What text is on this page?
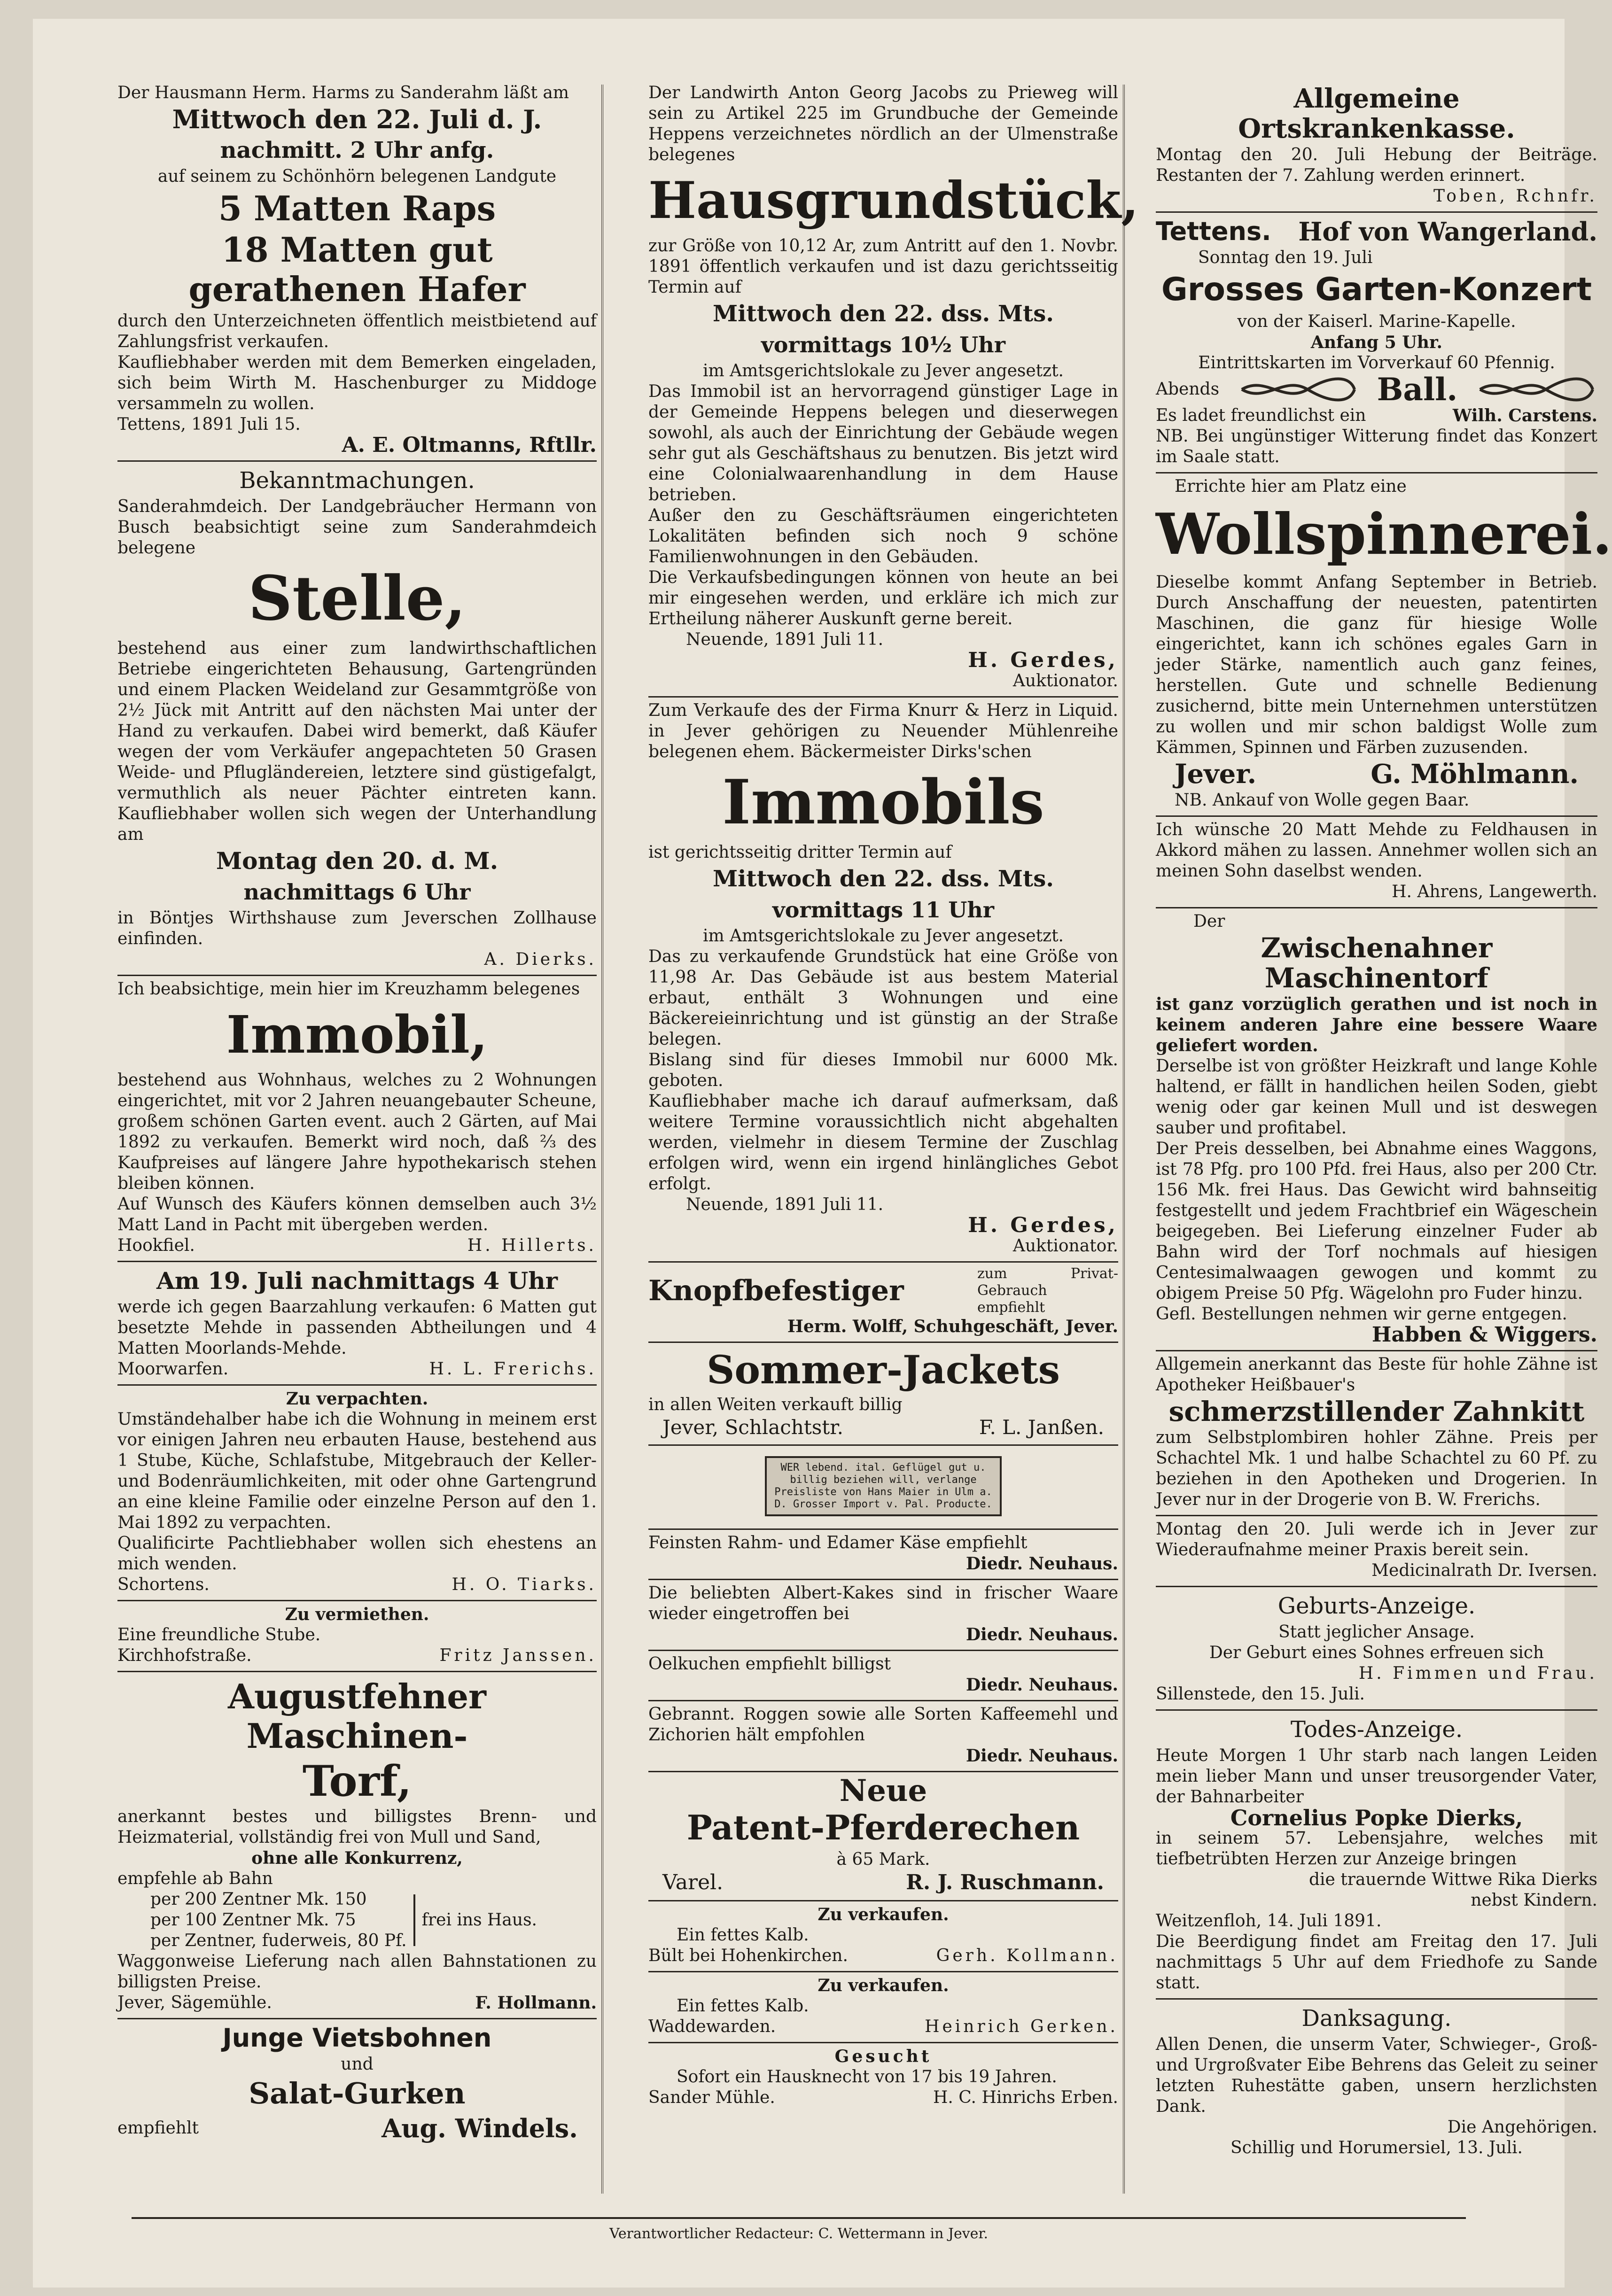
Der Hausmann Herm. Harms zu Sanderahm läßt am

Mittwoch den 22. Juli d. J.

nachmitt. 2 Uhr anfg.

auf seinem zu Schönhörn belegenen Landgute

5 Matten Raps

18 Matten gut gerathenen Hafer

durch den Unterzeichneten öffentlich meistbietend auf Zahlungsfrist verkaufen.
Kaufliebhaber werden mit dem Bemerken eingeladen, sich beim Wirth M. Haschenburger zu Middoge versammeln zu wollen.

Tettens, 1891 Juli 15.

A. E. Oltmanns, Rftllr.

Bekanntmachungen.

Sanderahmdeich. Der Landgebräucher Hermann von Busch beabsichtigt seine zum Sanderahmdeich belegene

Stelle,

bestehend aus einer zum landwirthschaftlichen Betriebe eingerichteten Behausung, Gartengründen und einem Placken Weideland zur Gesammtgröße von 2½ Jück mit Antritt auf den nächsten Mai unter der Hand zu verkaufen. Dabei wird bemerkt, daß Käufer wegen der vom Verkäufer angepachteten 50 Grasen Weide- und Pflugländereien, letztere sind güstigefalgt, vermuthlich als neuer Pächter eintreten kann. Kaufliebhaber wollen sich wegen der Unterhandlung am

Montag den 20. d. M.

nachmittags 6 Uhr

in Böntjes Wirthshause zum Jeverschen Zollhause einfinden.

A. Dierks.

Ich beabsichtige, mein hier im Kreuzhamm belegenes

Immobil,

bestehend aus Wohnhaus, welches zu 2 Wohnungen eingerichtet, mit vor 2 Jahren neuangebauter Scheune, großem schönen Garten event. auch 2 Gärten, auf Mai 1892 zu verkaufen. Bemerkt wird noch, daß ⅔ des Kaufpreises auf längere Jahre hypothekarisch stehen bleiben können.
Auf Wunsch des Käufers können demselben auch 3½ Matt Land in Pacht mit übergeben werden.

Hookfiel.	H. Hillerts.

Am 19. Juli nachmittags 4 Uhr

werde ich gegen Baarzahlung verkaufen: 6 Matten gut besetzte Mehde in passenden Abtheilungen und 4 Matten Moorlands-Mehde.

Moorwarfen.	H. L. Frerichs.

Zu verpachten.

Umständehalber habe ich die Wohnung in meinem erst vor einigen Jahren neu erbauten Hause, bestehend aus 1 Stube, Küche, Schlafstube, Mitgebrauch der Keller- und Bodenräumlichkeiten, mit oder ohne Gartengrund an eine kleine Familie oder einzelne Person auf den 1. Mai 1892 zu verpachten.
Qualificirte Pachtliebhaber wollen sich ehestens an mich wenden.

Schortens.	H. O. Tiarks.

Zu vermiethen.

Eine freundliche Stube.

Kirchhofstraße.	Fritz Janssen.

Augustfehner Maschinen-

Torf,

anerkannt bestes und billigstes Brenn- und Heizmaterial, vollständig frei von Mull und Sand,

ohne alle Konkurrenz,

empfehle ab Bahn

per 200 Zentner Mk. 150
per 100 Zentner Mk. 75
per Zentner, fuderweis, 80 Pf.
frei ins Haus.

Waggonweise Lieferung nach allen Bahnstationen zu billigsten Preise.

Jever, Sägemühle.	F. Hollmann.

Junge Vietsbohnen

und

Salat-Gurken

empfiehlt	Aug. Windels.

Der Landwirth Anton Georg Jacobs zu Prieweg will sein zu Artikel 225 im Grundbuche der Gemeinde Heppens verzeichnetes nördlich an der Ulmenstraße belegenes

Hausgrundstück,

zur Größe von 10,12 Ar, zum Antritt auf den 1. Novbr. 1891 öffentlich verkaufen und ist dazu gerichtsseitig Termin auf

Mittwoch den 22. dss. Mts.

vormittags 10½ Uhr

im Amtsgerichtslokale zu Jever angesetzt.

Das Immobil ist an hervorragend günstiger Lage in der Gemeinde Heppens belegen und dieserwegen sowohl, als auch der Einrichtung der Gebäude wegen sehr gut als Geschäftshaus zu benutzen. Bis jetzt wird eine Colonialwaarenhandlung in dem Hause betrieben.
Außer den zu Geschäftsräumen eingerichteten Lokalitäten befinden sich noch 9 schöne Familienwohnungen in den Gebäuden.
Die Verkaufsbedingungen können von heute an bei mir eingesehen werden, und erkläre ich mich zur Ertheilung näherer Auskunft gerne bereit.

Neuende, 1891 Juli 11.

H. Gerdes,

Auktionator.

Zum Verkaufe des der Firma Knurr & Herz in Liquid. in Jever gehörigen zu Neuender Mühlenreihe belegenen ehem. Bäckermeister Dirks'schen

Immobils

ist gerichtsseitig dritter Termin auf

Mittwoch den 22. dss. Mts.

vormittags 11 Uhr

im Amtsgerichtslokale zu Jever angesetzt.

Das zu verkaufende Grundstück hat eine Größe von 11,98 Ar. Das Gebäude ist aus bestem Material erbaut, enthält 3 Wohnungen und eine Bäckereieinrichtung und ist günstig an der Straße belegen.
Bislang sind für dieses Immobil nur 6000 Mk. geboten.
Kaufliebhaber mache ich darauf aufmerksam, daß weitere Termine voraussichtlich nicht abgehalten werden, vielmehr in diesem Termine der Zuschlag erfolgen wird, wenn ein irgend hinlängliches Gebot erfolgt.

Neuende, 1891 Juli 11.

H. Gerdes,

Auktionator.

Knopfbefestiger
zum Privat-Gebrauch empfiehlt

Herm. Wolff, Schuhgeschäft, Jever.

Sommer-Jackets

in allen Weiten verkauft billig

Jever, Schlachtstr.	F. L. Janßen.
WER lebend. ital. Geflügel gut u. billig beziehen will, verlange Preisliste von Hans Maier in Ulm a. D. Grosser Import v. Pal. Producte.

Feinsten Rahm- und Edamer Käse empfiehlt

Diedr. Neuhaus.

Die beliebten Albert-Kakes sind in frischer Waare wieder eingetroffen bei

Diedr. Neuhaus.

Oelkuchen empfiehlt billigst

Diedr. Neuhaus.

Gebrannt. Roggen sowie alle Sorten Kaffeemehl und Zichorien hält empfohlen

Diedr. Neuhaus.

Neue

Patent-Pferderechen

à 65 Mark.

Varel.	R. J. Ruschmann.

Zu verkaufen.

Ein fettes Kalb.

Bült bei Hohenkirchen.	Gerh. Kollmann.

Zu verkaufen.

Ein fettes Kalb.

Waddewarden.	Heinrich Gerken.

Gesucht

Sofort ein Hausknecht von 17 bis 19 Jahren.

Sander Mühle.	H. C. Hinrichs Erben.

Allgemeine Ortskrankenkasse.

Montag den 20. Juli Hebung der Beiträge. Restanten der 7. Zahlung werden erinnert.

Toben, Rchnfr.

Tettens. Hof von Wangerland.

Sonntag den 19. Juli

Grosses Garten-Konzert

von der Kaiserl. Marine-Kapelle.

Anfang 5 Uhr.

Eintrittskarten im Vorverkauf 60 Pfennig.

Abends	Ball.
Es ladet freundlichst ein	Wilh. Carstens.

NB. Bei ungünstiger Witterung findet das Konzert im Saale statt.

Errichte hier am Platz eine

Wollspinnerei.

Dieselbe kommt Anfang September in Betrieb. Durch Anschaffung der neuesten, patentirten Maschinen, die ganz für hiesige Wolle eingerichtet, kann ich schönes egales Garn in jeder Stärke, namentlich auch ganz feines, herstellen. Gute und schnelle Bedienung zusichernd, bitte mein Unternehmen unterstützen zu wollen und mir schon baldigst Wolle zum Kämmen, Spinnen und Färben zuzusenden.

Jever.	G. Möhlmann.

NB. Ankauf von Wolle gegen Baar.

Ich wünsche 20 Matt Mehde zu Feldhausen in Akkord mähen zu lassen. Annehmer wollen sich an meinen Sohn daselbst wenden.

H. Ahrens, Langewerth.

Der

Zwischenahner Maschinentorf

ist ganz vorzüglich gerathen und ist noch in keinem anderen Jahre eine bessere Waare geliefert worden.

Derselbe ist von größter Heizkraft und lange Kohle haltend, er fällt in handlichen heilen Soden, giebt wenig oder gar keinen Mull und ist deswegen sauber und profitabel.
Der Preis desselben, bei Abnahme eines Waggons, ist 78 Pfg. pro 100 Pfd. frei Haus, also per 200 Ctr. 156 Mk. frei Haus. Das Gewicht wird bahnseitig festgestellt und jedem Frachtbrief ein Wägeschein beigegeben. Bei Lieferung einzelner Fuder ab Bahn wird der Torf nochmals auf hiesigen Centesimalwaagen gewogen und kommt zu obigem Preise 50 Pfg. Wägelohn pro Fuder hinzu.
Gefl. Bestellungen nehmen wir gerne entgegen.

Habben & Wiggers.

Allgemein anerkannt das Beste für hohle Zähne ist Apotheker Heißbauer's

schmerzstillender Zahnkitt

zum Selbstplombiren hohler Zähne. Preis per Schachtel Mk. 1 und halbe Schachtel zu 60 Pf. zu beziehen in den Apotheken und Drogerien. In Jever nur in der Drogerie von B. W. Frerichs.

Montag den 20. Juli werde ich in Jever zur Wiederaufnahme meiner Praxis bereit sein.

Medicinalrath Dr. Iversen.

Geburts-Anzeige.

Statt jeglicher Ansage.
Der Geburt eines Sohnes erfreuen sich

H. Fimmen und Frau.

Sillenstede, den 15. Juli.

Todes-Anzeige.

Heute Morgen 1 Uhr starb nach langen Leiden mein lieber Mann und unser treusorgender Vater, der Bahnarbeiter

Cornelius Popke Dierks,

in seinem 57. Lebensjahre, welches mit tiefbetrübten Herzen zur Anzeige bringen

die trauernde Wittwe Rika Dierks

nebst Kindern.

Weitzenfloh, 14. Juli 1891.

Die Beerdigung findet am Freitag den 17. Juli nachmittags 5 Uhr auf dem Friedhofe zu Sande statt.

Danksagung.

Allen Denen, die unserm Vater, Schwieger-, Groß- und Urgroßvater Eibe Behrens das Geleit zu seiner letzten Ruhestätte gaben, unsern herzlichsten Dank.

Die Angehörigen.

Schillig und Horumersiel, 13. Juli.

Verantwortlicher Redacteur: C. Wettermann in Jever.
